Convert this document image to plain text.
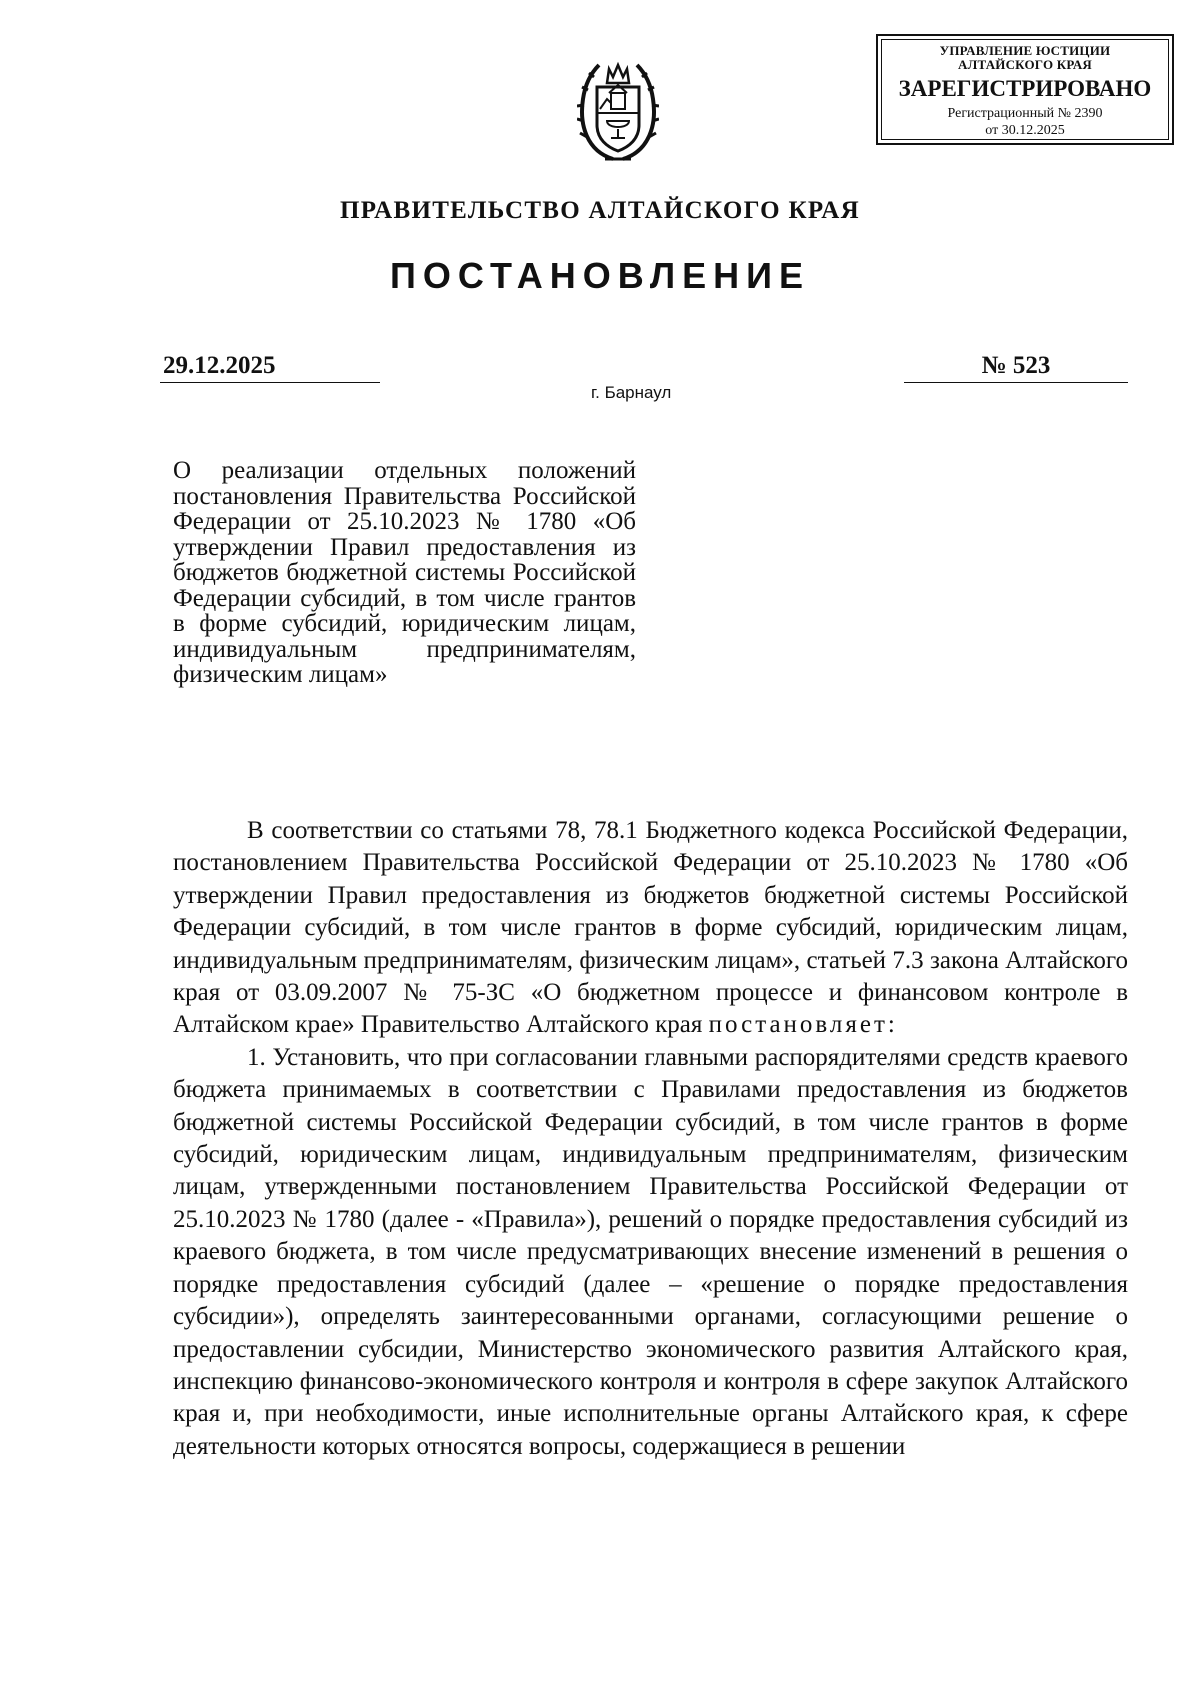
УПРАВЛЕНИЕ ЮСТИЦИИ
АЛТАЙСКОГО КРАЯ
ЗАРЕГИСТРИРОВАНО
Регистрационный № 2390
от 30.12.2025
ПРАВИТЕЛЬСТВО АЛТАЙСКОГО КРАЯ
ПОСТАНОВЛЕНИЕ
29.12.2025	№ 523
г. Барнаул
О реализации отдельных положений постановления Правительства Российской Федерации от 25.10.2023 № 1780 «Об утверждении Правил предоставления из бюджетов бюджетной системы Российской Федерации субсидий, в том числе грантов в форме субсидий, юридическим лицам, индивидуальным предпринимателям, физическим лицам»

В соответствии со статьями 78, 78.1 Бюджетного кодекса Российской Федерации, постановлением Правительства Российской Федерации от 25.10.2023 № 1780 «Об утверждении Правил предоставления из бюджетов бюджетной системы Российской Федерации субсидий, в том числе грантов в форме субсидий, юридическим лицам, индивидуальным предпринимателям, физическим лицам», статьей 7.3 закона Алтайского края от 03.09.2007 № 75-ЗС «О бюджетном процессе и финансовом контроле в Алтайском крае» Правительство Алтайского края постановляет:

1. Установить, что при согласовании главными распорядителями средств краевого бюджета принимаемых в соответствии с Правилами предоставления из бюджетов бюджетной системы Российской Федерации субсидий, в том числе грантов в форме субсидий, юридическим лицам, индивидуальным предпринимателям, физическим лицам, утвержденными постановлением Правительства Российской Федерации от 25.10.2023 № 1780 (далее - «Правила»), решений о порядке предоставления субсидий из краевого бюджета, в том числе предусматривающих внесение изменений в решения о порядке предоставления субсидий (далее – «решение о порядке предоставления субсидии»), определять заинтересованными органами, согласующими решение о предоставлении субсидии, Министерство экономического развития Алтайского края, инспекцию финансово-экономического контроля и контроля в сфере закупок Алтайского края и, при необходимости, иные исполнительные органы Алтайского края, к сфере деятельности которых относятся вопросы, содержащиеся в решении
